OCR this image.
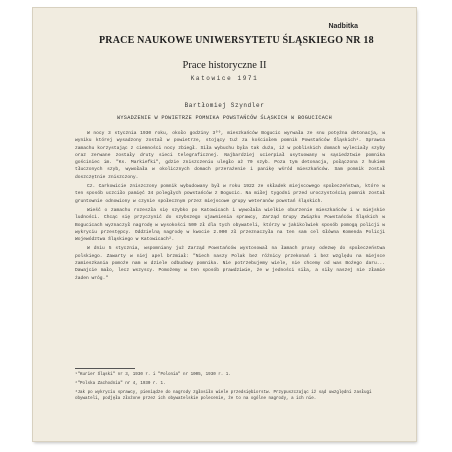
Nadbitka
PRACE NAUKOWE UNIWERSYTETU ŚLĄSKIEGO NR 18
Prace historyczne II
Katowice 1971
Bartłomiej Szyndler
WYSADZENIE W POWIETRZE POMNIKA POWSTAŃCÓW ŚLĄSKICH W BOGUCICACH

W nocy 3 stycznia 1930 roku, około godziny 3⁰⁰, mieszkańców Bogucic wyrwała ze snu potężna detonacja, w wyniku której wysadzony został w powietrze, stojący tuż za kościołem pomnik Powstańców Śląskich¹. Sprawca zamachu korzystając z ciemności nocy zbiegł. Siła wybuchu była tak duża, iż w pobliskich domach wyleciały szyby oraz zerwane zostały druty sieci telegraficznej. Najbardziej ucierpiał usytuowany w sąsiedztwie pomnika gościniec im. "Ks. Markiefki", gdzie zniszczeniu uległo aż 70 szyb. Poza tym detonacja, połączona z hukiem tłuczonych szyb, wywołała w okolicznych domach przerażenie i panikę wśród mieszkańców. Sam pomnik został doszczętnie zniszczony.

Cz. Carkowicie zniszczony pomnik wybudowany był w roku 1922 ze składek miejscowego społeczeństwa, które w ten sposób uczciło pamięć 34 poległych powstańców z Bogucic. Na miłej tygodni przed uroczystością pomnik został gruntownie odnowiony w czynie społecznym przez miejscowe grupy weteranów powstań śląskich.

Wieść o zamachu rozeszła się szybko po Katowicach i wywołała wielkie oburzenie mieszkańców i w miejskie ludności. Chcąc się przyczynić do szybszego ujawnienia sprawcy, Zarząd Grupy Związku Powstańców Śląskich w Bogucicach wyznaczył nagrodę w wysokości 500 zł dla tych obywateli, którzy w jakikolwiek sposób pomogą policji w wykryciu przestępcy. Oddzielną nagrodę w kwocie 2.000 zł przeznaczyła na ten sam cel Główna Komenda Policji Województwa Śląskiego w Katowicach².

W dniu 5 stycznia, wspomniany już Zarząd Powstańców wystosował na łamach prasy odezwę do społeczeństwa polskiego. Zawarty w niej apel brzmiał: "Niech naszy Polak bez różnicy przekonań i bez względu na miejsce zamieszkania pomoże nam w dziele odbudowy pomnika. Nie potrzebujemy wiele, nie chcemy od was Bożego daru... Dawajcie mało, lecz wszyscy. Pomożemy w ten sposób prawdziwie, że w jedności siła, a siły naszej nie złamie żaden wróg."

¹"Kurier Śląski" nr 3, 1930 r. i "Polonia" nr 1005, 1930 r. 1.

²"Polska Zachodnia" nr 4, 1930 r. 1.

³Jak po wykryciu sprawcy, pieniądze do nagrody zgłosiło wiele przedsiębiorstw. Przypuszczając iż sąd uwzględni zasługi obywateli, podjęła złożone przez ich obywatelskie polecenie, że to na ogólne nagrody, a ich nie.
